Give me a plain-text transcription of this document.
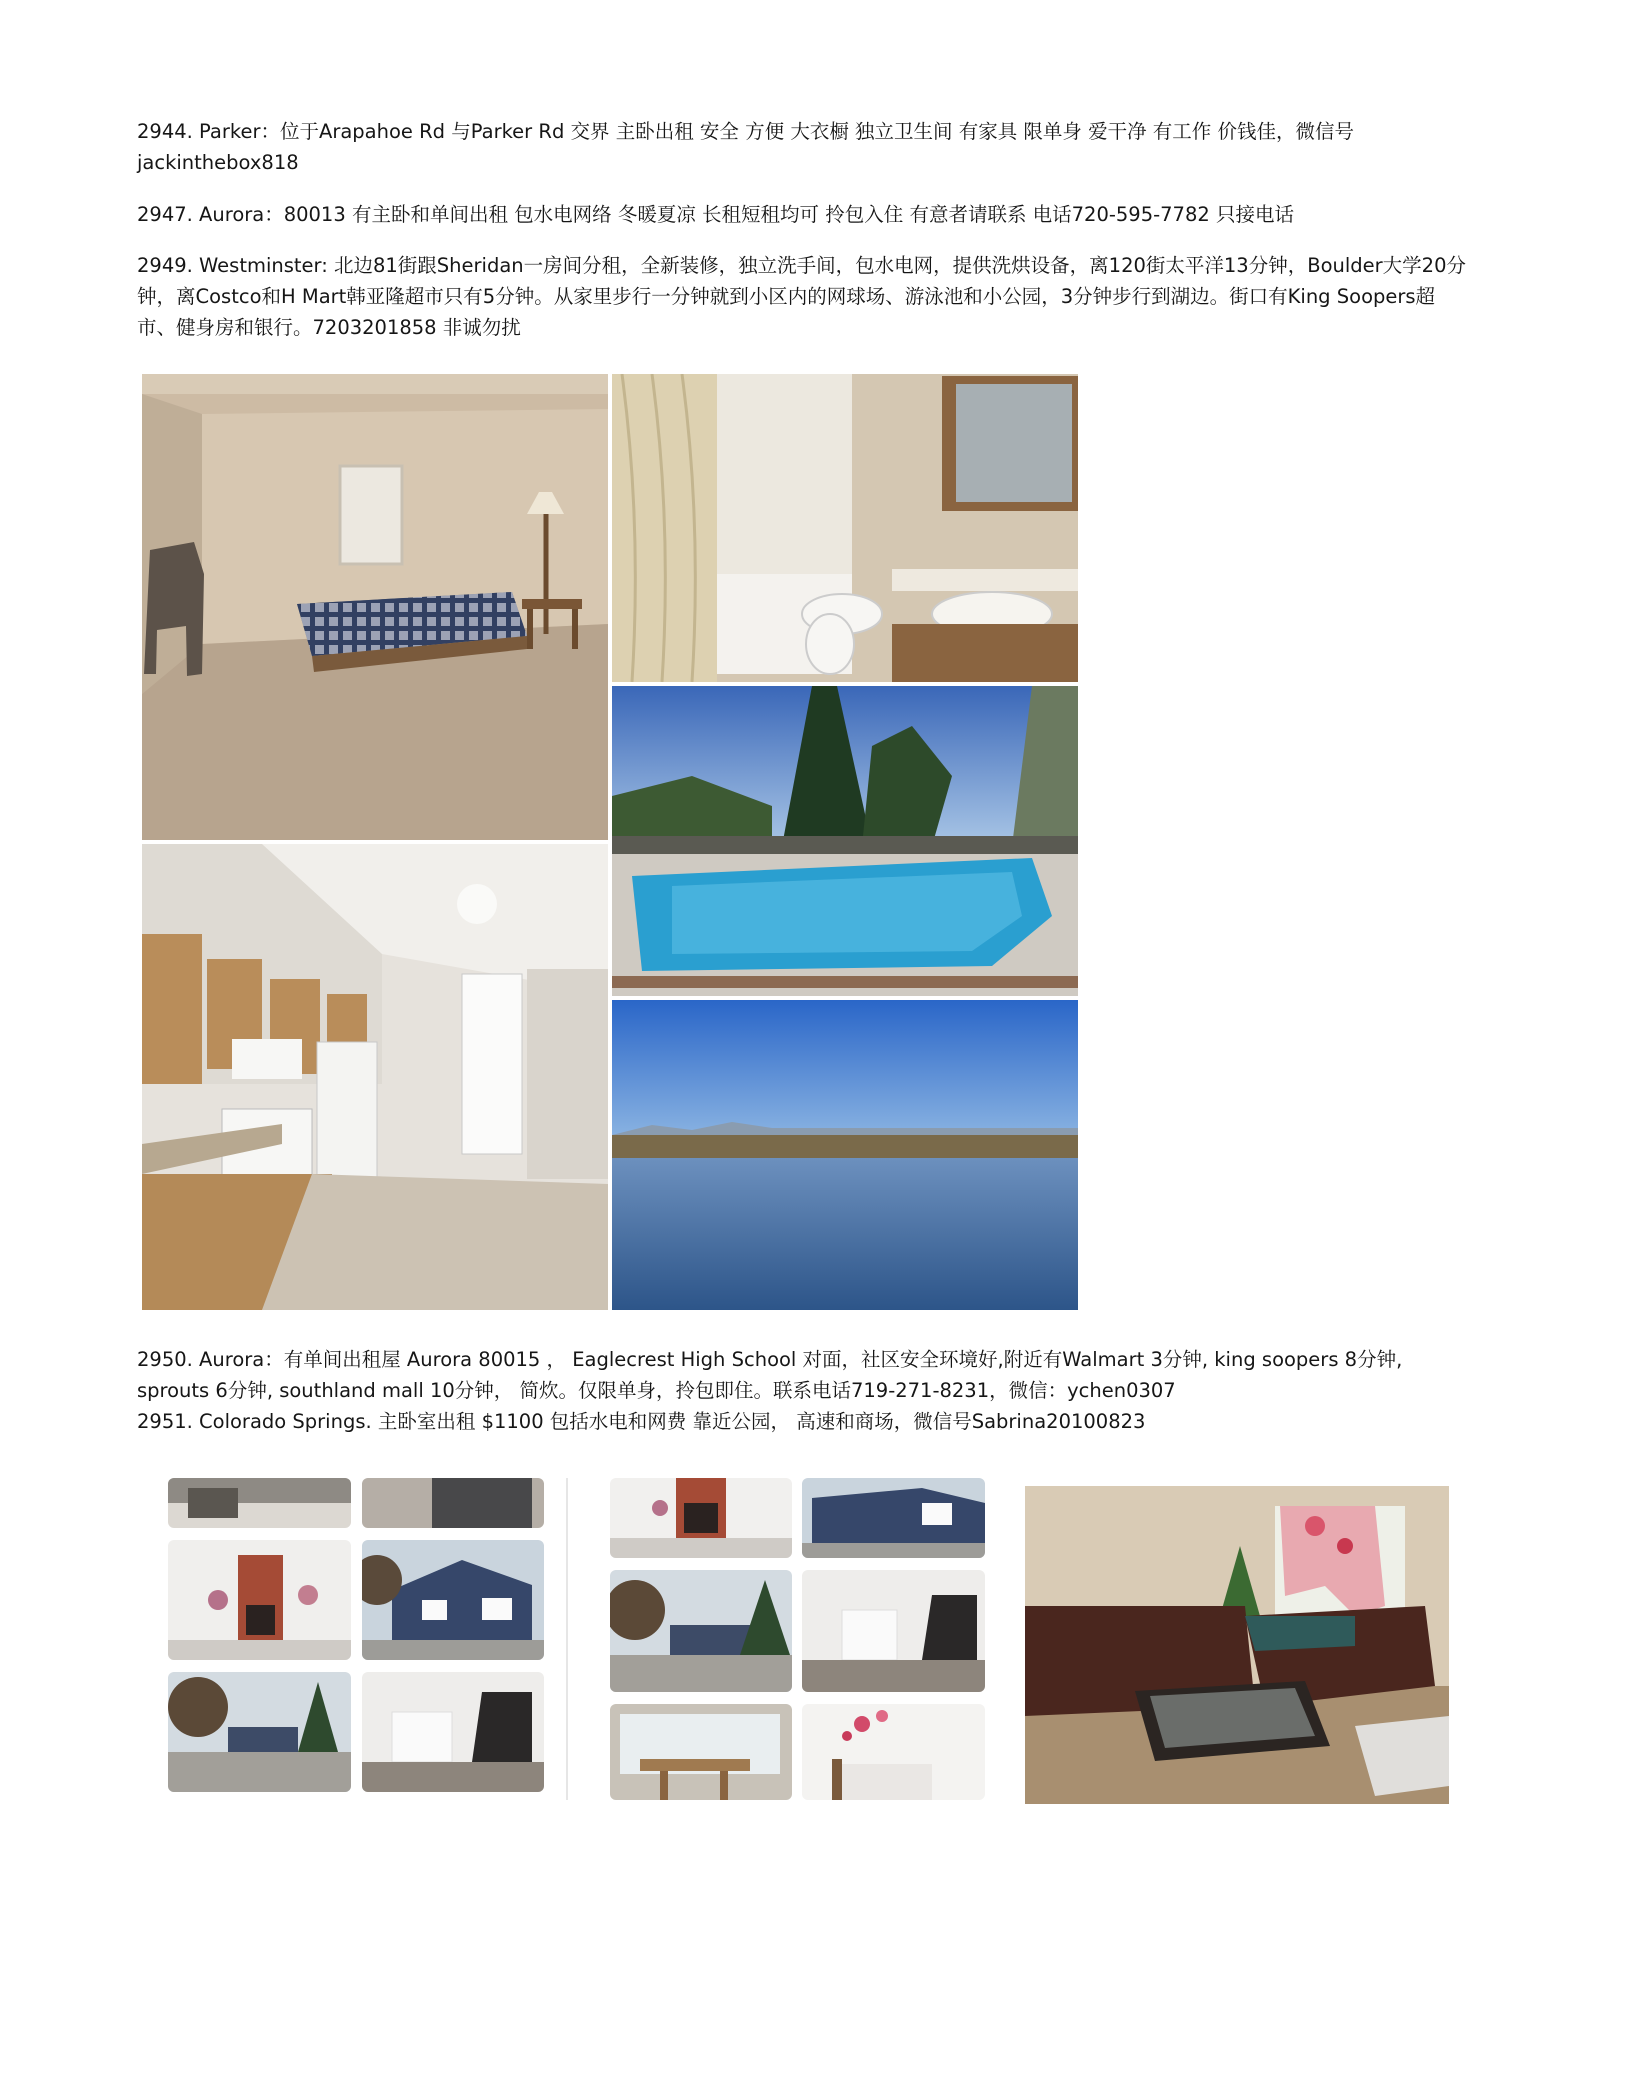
2944. Parker：位于Arapahoe Rd 与Parker Rd 交界 主卧出租 安全 方便 大衣橱 独立卫生间 有家具 限单身 爱干净 有工作 价钱佳，微信号jackinthebox818

2947. Aurora：80013 有主卧和单间出租 包水电网络 冬暖夏凉 长租短租均可 拎包入住 有意者请联系 电话720-595-7782 只接电话

2949. Westminster: 北边81街跟Sheridan一房间分租，全新装修，独立洗手间，包水电网，提供洗烘设备，离120街太平洋13分钟，Boulder大学20分钟，离Costco和H Mart韩亚隆超市只有5分钟。从家里步行一分钟就到小区内的网球场、游泳池和小公园，3分钟步行到湖边。街口有King Soopers超市、健身房和银行。7203201858 非诚勿扰

2950. Aurora：有单间出租屋 Aurora 80015 ， Eaglecrest High School 对面，社区安全环境好,附近有Walmart 3分钟, king soopers 8分钟, sprouts 6分钟, southland mall 10分钟， 简炊。仅限单身，拎包即住。联系电话719-271-8231，微信：ychen0307

2951. Colorado Springs. 主卧室出租 $1100 包括水电和网费 靠近公园， 高速和商场，微信号Sabrina20100823
